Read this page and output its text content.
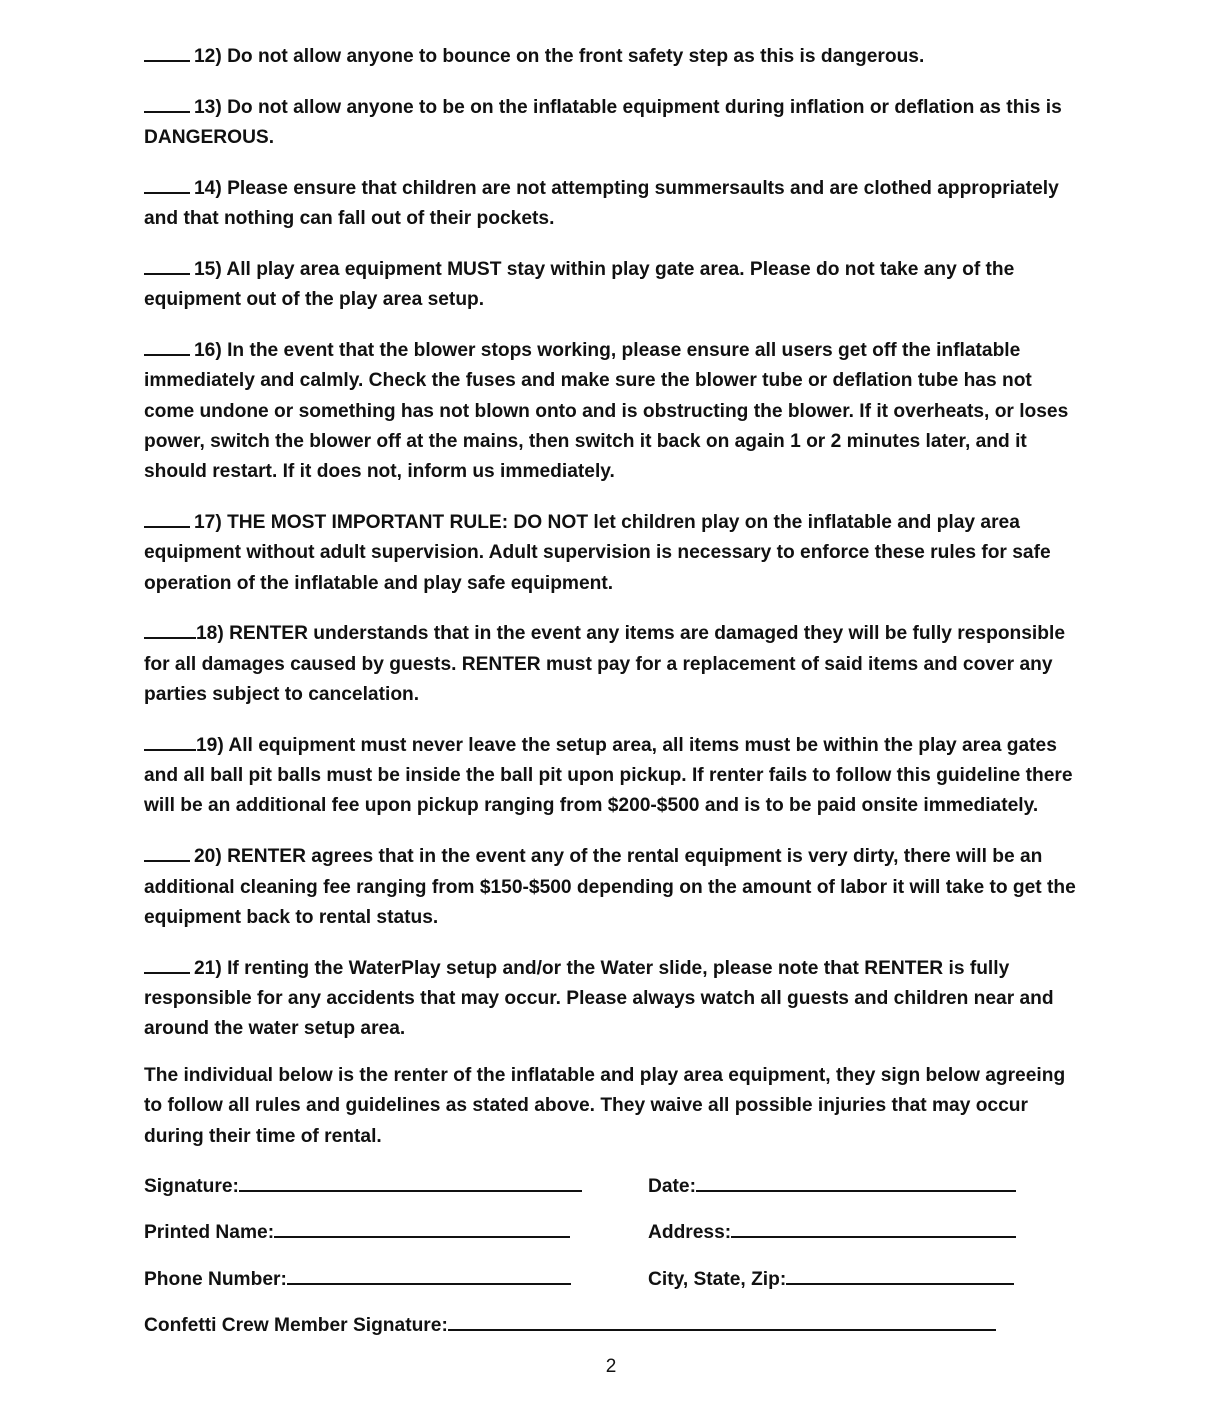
12) Do not allow anyone to bounce on the front safety step as this is dangerous.

13) Do not allow anyone to be on the inflatable equipment during inflation or deflation as this is DANGEROUS.

14) Please ensure that children are not attempting summersaults and are clothed appropriately and that nothing can fall out of their pockets.

15) All play area equipment MUST stay within play gate area. Please do not take any of the equipment out of the play area setup.

16) In the event that the blower stops working, please ensure all users get off the inflatable immediately and calmly. Check the fuses and make sure the blower tube or deflation tube has not come undone or something has not blown onto and is obstructing the blower. If it overheats, or loses power, switch the blower off at the mains, then switch it back on again 1 or 2 minutes later, and it should restart. If it does not, inform us immediately.

17) THE MOST IMPORTANT RULE: DO NOT let children play on the inflatable and play area equipment without adult supervision. Adult supervision is necessary to enforce these rules for safe operation of the inflatable and play safe equipment.

18) RENTER understands that in the event any items are damaged they will be fully responsible for all damages caused by guests. RENTER must pay for a replacement of said items and cover any parties subject to cancelation.

19) All equipment must never leave the setup area, all items must be within the play area gates and all ball pit balls must be inside the ball pit upon pickup. If renter fails to follow this guideline there will be an additional fee upon pickup ranging from $200-$500 and is to be paid onsite immediately.

20) RENTER agrees that in the event any of the rental equipment is very dirty, there will be an additional cleaning fee ranging from $150-$500 depending on the amount of labor it will take to get the equipment back to rental status.

21) If renting the WaterPlay setup and/or the Water slide, please note that RENTER is fully responsible for any accidents that may occur. Please always watch all guests and children near and around the water setup area.

The individual below is the renter of the inflatable and play area equipment, they sign below agreeing to follow all rules and guidelines as stated above. They waive all possible injuries that may occur during their time of rental.

Signature:	Date:
Printed Name:	Address:
Phone Number:	City, State, Zip:
Confetti Crew Member Signature:
2
